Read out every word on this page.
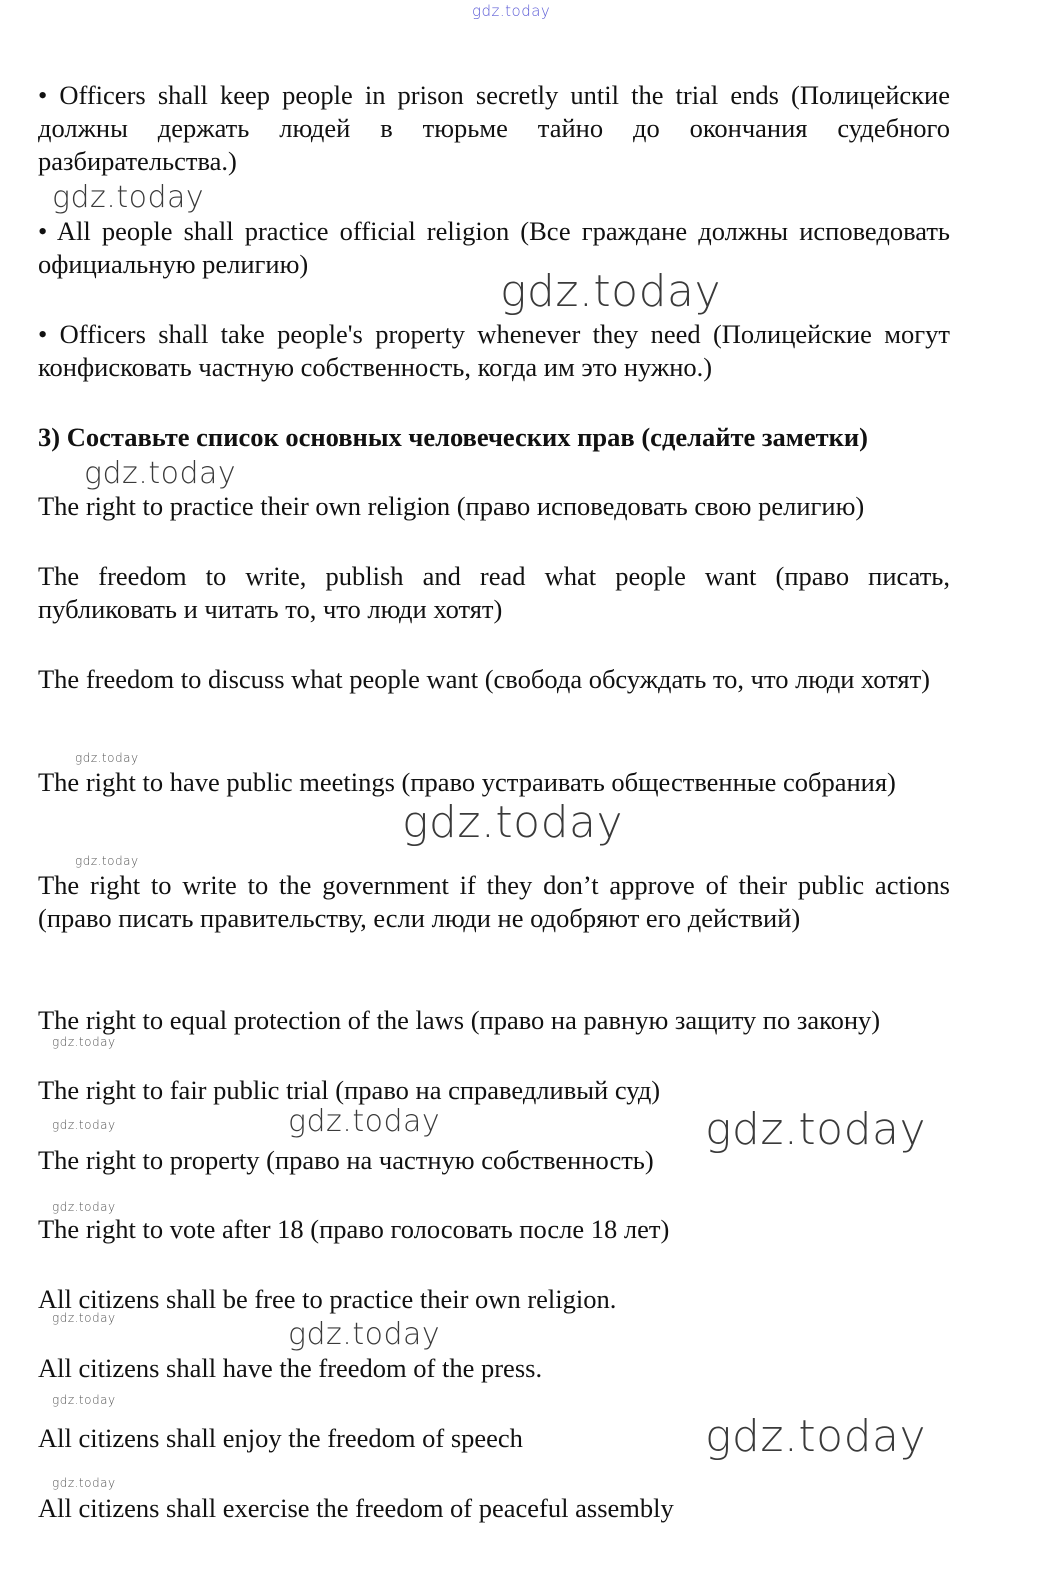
gdz.today

• Officers shall keep people in prison secretly until the trial ends (Полицейские должны держать людей в тюрьме тайно до окончания судебного разбирательства.)

gdz.today

• All people shall practice official religion (Все граждане должны исповедовать официальную религию)

gdz.today

• Officers shall take people's property whenever they need (Полицейские могут конфисковать частную собственность, когда им это нужно.)

3) Составьте список основных человеческих прав (сделайте заметки)

gdz.today

The right to practice their own religion (право исповедовать свою религию)

The freedom to write, publish and read what people want (право писать, публиковать и читать то, что люди хотят)

The freedom to discuss what people want (свобода обсуждать то, что люди хотят)

gdz.today

The right to have public meetings (право устраивать общественные собрания)

gdz.today
gdz.today

The right to write to the government if they don’t approve of their public actions (право писать правительству, если люди не одобряют его действий)

The right to equal protection of the laws (право на равную защиту по закону)

gdz.today

The right to fair public trial (право на справедливый суд)

gdz.today	gdz.today	gdz.today

The right to property (право на частную собственность)

gdz.today

The right to vote after 18 (право голосовать после 18 лет)

All citizens shall be free to practice their own religion.

gdz.today	gdz.today

All citizens shall have the freedom of the press.

gdz.today

All citizens shall enjoy the freedom of speech	gdz.today
gdz.today

All citizens shall exercise the freedom of peaceful assembly
